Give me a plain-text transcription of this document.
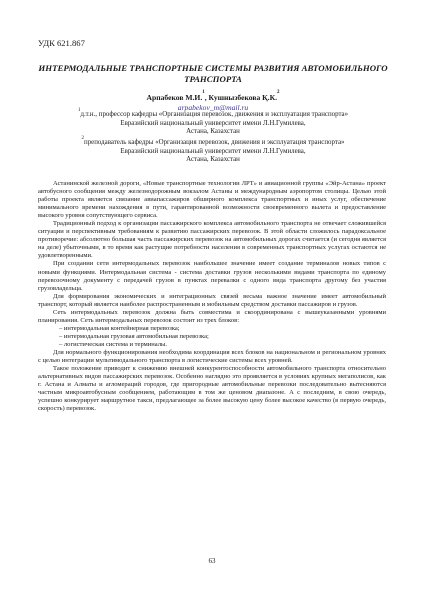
УДК 621.867
ИНТЕРМОДАЛЬНЫЕ ТРАНСПОРТНЫЕ СИСТЕМЫ РАЗВИТИЯ АВТОМОБИЛЬНОГО ТРАНСПОРТА
Арпабеков М.И.$^1$, Кушнызбекова Қ.К.$^2$
arpabekov_m@mail.ru
$^1$д.т.н., профессор кафедры «Организация перевозок, движения и эксплуатация транспорта»
Евразийский национальный университет имени Л.Н.Гумилева,
Астана, Казахстан
$^2$преподаватель кафедры «Организация перевозок, движения и эксплуатация транспорта»
Евразийский национальный университет имени Л.Н.Гумилева,
Астана, Казахстан

Астанинской железной дороги, «Новые транспортные технологии ЛРТ» и авиационной группы «Эйр-Астана» проект автобусного сообщения между железнодорожным вокзалом Астаны и международным аэропортом столицы. Целью этой работы проекта является связание авиапассажиров обширного комплекса транспортных и иных услуг, обеспечение минимального времени нахождения в пути, гарантированной возможности своевременного вылета и предоставление высокого уровня сопутствующего сервиса.

Традиционный подход к организации пассажирского комплекса автомобильного транспорта не отвечает сложившейся ситуации и перспективным требованиям к развитию пассажирских перевозок. В этой области сложилось парадоксальное противоречие: абсолютно большая часть пассажирских перевозок на автомобильных дорогах считается (и сегодня является на деле) убыточными, в то время как растущие потребности населения в современных транспортных услугах остаются не удовлетворенными.

При создании сети интермодальных перевозок наибольшее значение имеет создание терминалов новых типов с новыми функциями. Интермодальная система - система доставки грузов несколькими видами транспорта по единому перевозочному документу с передачей грузов в пунктах перевалки с одного вида транспорта другому без участия грузовладельца.

Для формирования экономических и интеграционных связей весьма важное значение имеет автомобильный транспорт, который является наиболее распространенным и мобильным средством доставки пассажиров и грузов.

Сеть интермодальных перевозок должна быть совместима и скоординирована с вышеуказанными уровнями планирования. Сеть интермодальных перевозок состоит из трех блоков:

– интермодальная контейнерная перевозка;

– интермодальная грузовая автомобильная перевозка;

– логистическая система и терминалы.

Для нормального функционирования необходима координация всех блоков на национальном и региональном уровнях с целью интеграции мультимодального транспорта в логистические системы всех уровней.

Такое положение приводит к снижению внешней конкурентоспособности автомобильного транспорта относительно альтернативных видов пассажирских перевозок. Особенно наглядно это проявляется в условиях крупных мегаполисов, как г. Астана и Алматы и агломераций городов, где пригородные автомобильные перевозки последовательно вытесняются частным микроавтобусным сообщением, работающим в том же ценовом диапазоне. А с последним, в свою очередь, успешно конкурирует маршрутное такси, предлагающее за более высокую цену более высокое качество (в первую очередь, скорость) перевозок.

63
